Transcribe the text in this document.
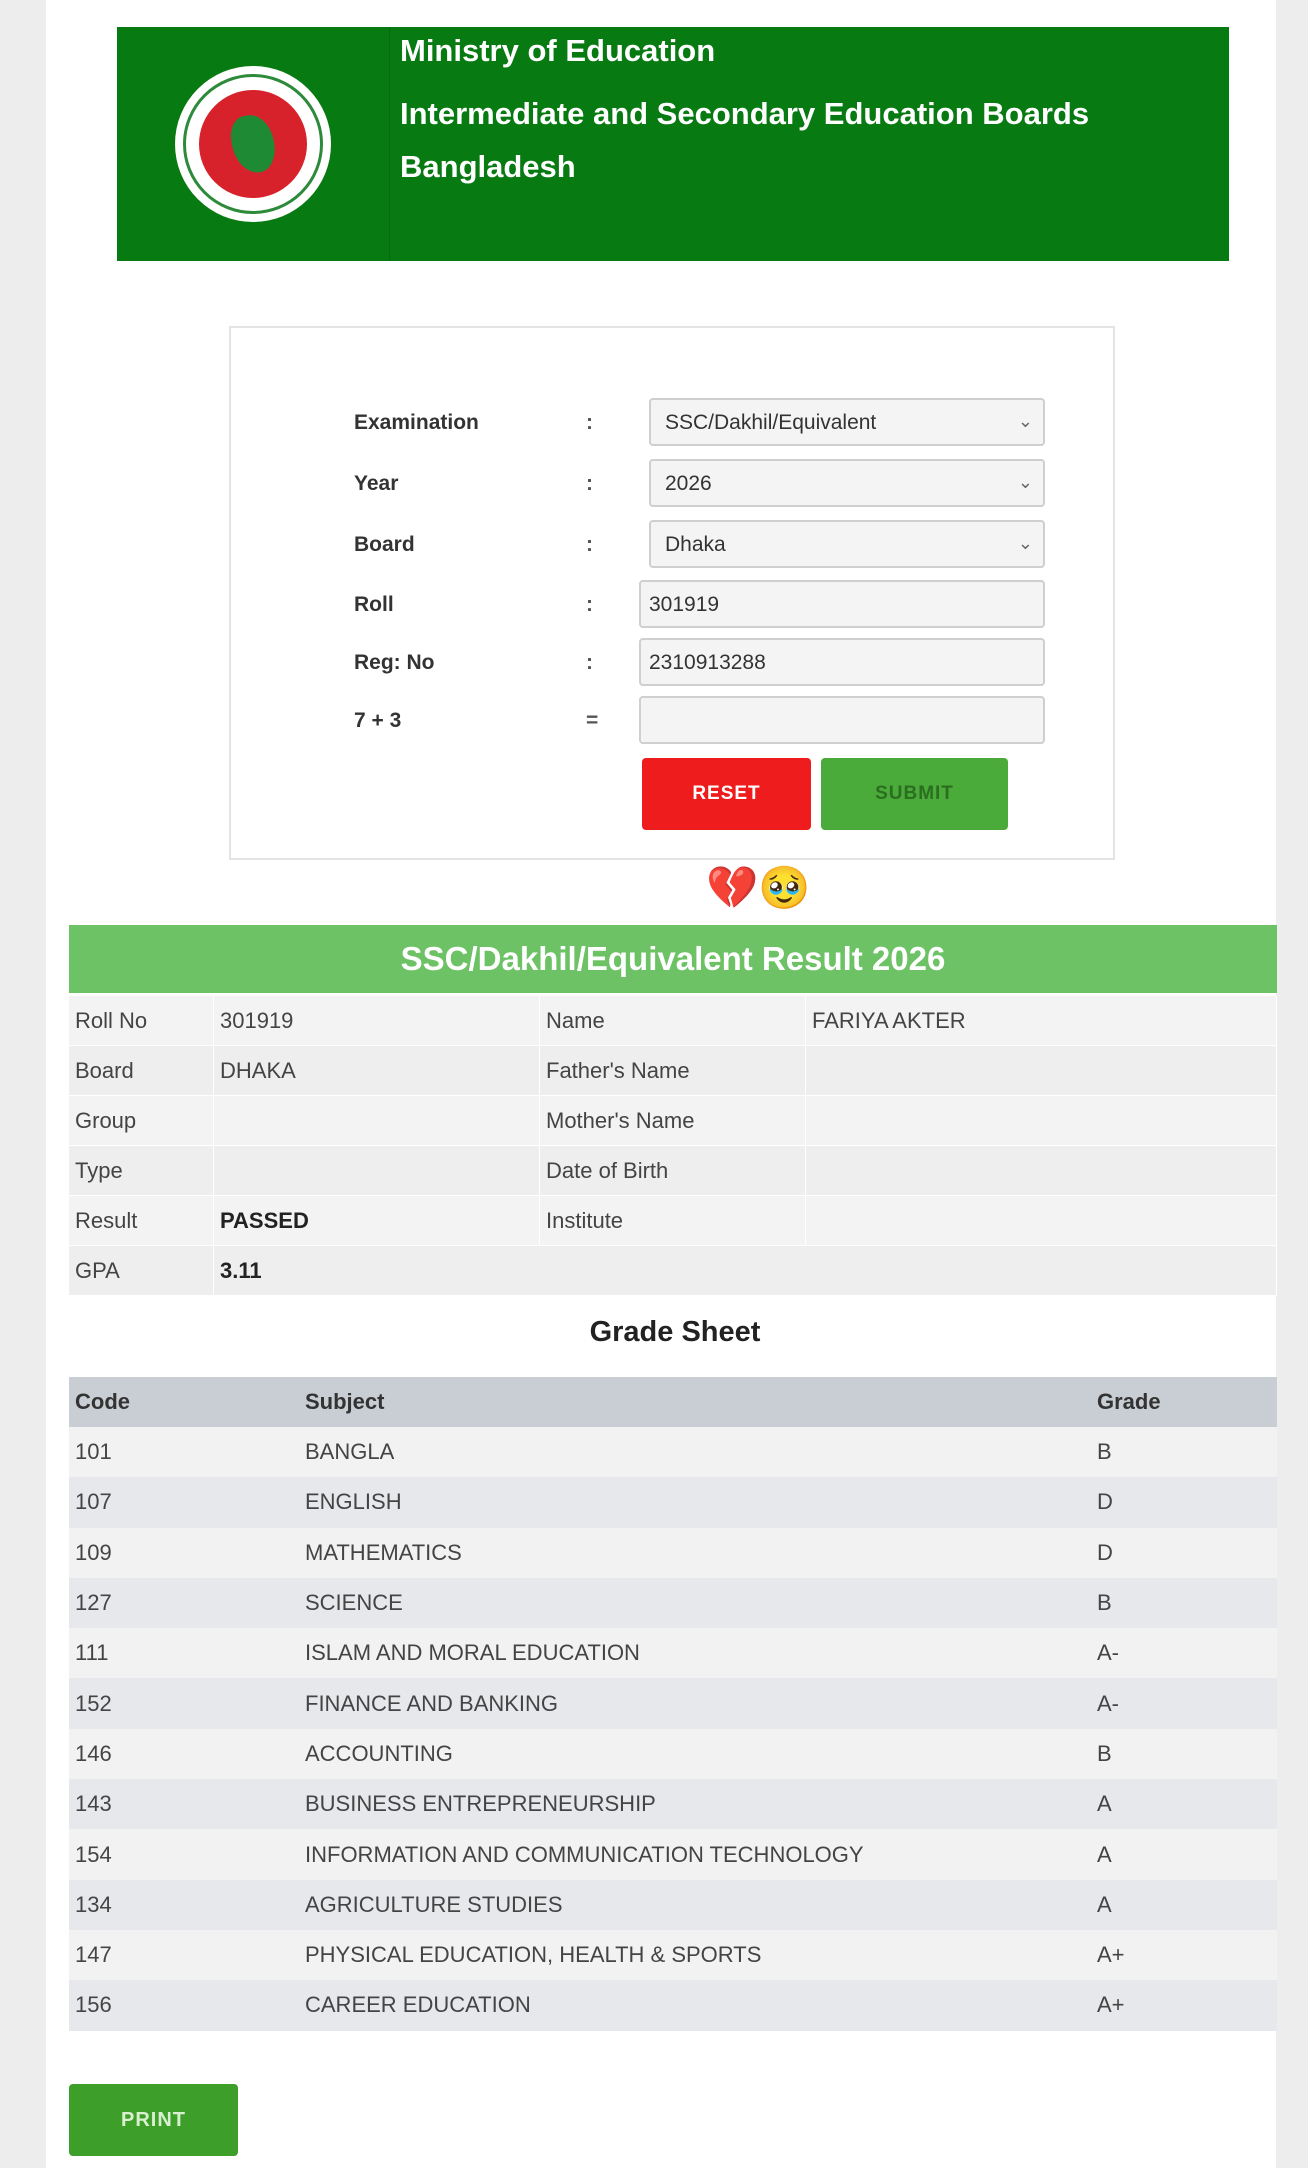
Ministry of Education
Intermediate and Secondary Education Boards
Bangladesh
Examination	:	SSC/Dakhil/Equivalent	⌄
Year	:	2026	⌄
Board	:	Dhaka	⌄
Roll	:	301919
Reg: No	:	2310913288
7 + 3	=
RESET	SUBMIT
💔🥹
SSC/Dakhil/Equivalent Result 2026
Roll No	301919	Name	FARIYA AKTER
Board	DHAKA	Father's Name	
Group		Mother's Name	
Type		Date of Birth	
Result	PASSED	Institute	
GPA	3.11		
Grade Sheet
Code	Subject	Grade
101	BANGLA	B
107	ENGLISH	D
109	MATHEMATICS	D
127	SCIENCE	B
111	ISLAM AND MORAL EDUCATION	A-
152	FINANCE AND BANKING	A-
146	ACCOUNTING	B
143	BUSINESS ENTREPRENEURSHIP	A
154	INFORMATION AND COMMUNICATION TECHNOLOGY	A
134	AGRICULTURE STUDIES	A
147	PHYSICAL EDUCATION, HEALTH & SPORTS	A+
156	CAREER EDUCATION	A+
PRINT
